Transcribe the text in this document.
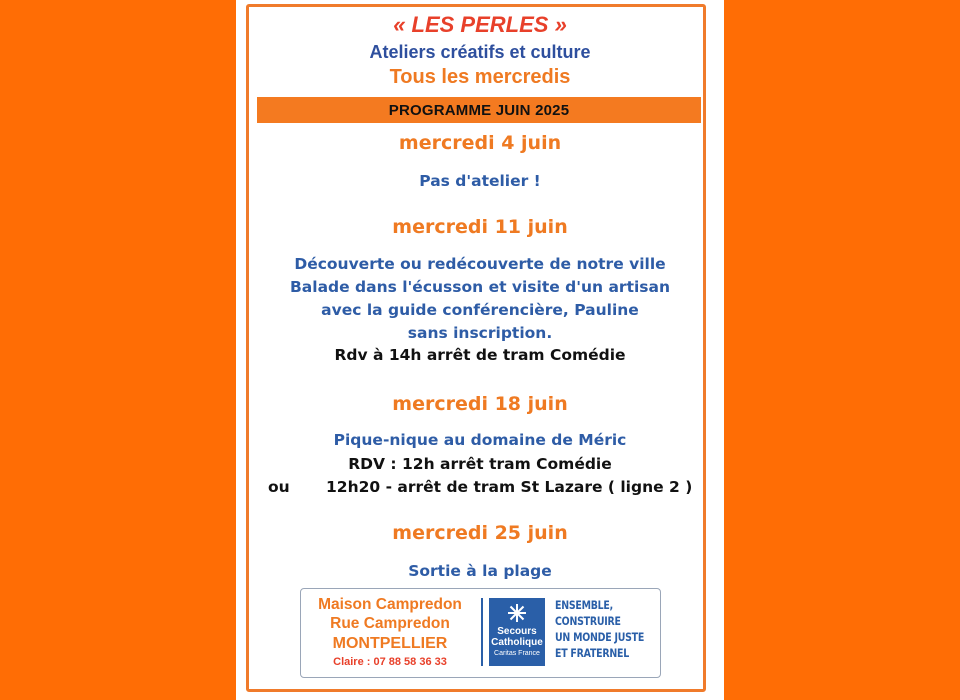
« LES PERLES »
Ateliers créatifs et culture
Tous les mercredis
PROGRAMME JUIN 2025
mercredi 4 juin
Pas d'atelier !
mercredi 11 juin
Découverte ou redécouverte de notre ville
Balade dans l'écusson et visite d'un artisan
avec la guide conférencière, Pauline
sans inscription.
Rdv à 14h arrêt de tram Comédie
mercredi 18 juin
Pique-nique au domaine de Méric
RDV : 12h arrêt tram Comédie
ou 12h20 - arrêt de tram St Lazare ( ligne 2 )
mercredi 25 juin
Sortie à la plage
Maison Campredon
Rue Campredon
MONTPELLIER
Claire : 07 88 58 36 33
Secours
Catholique
Caritas France
ENSEMBLE,
CONSTRUIRE
UN MONDE JUSTE
ET FRATERNEL
